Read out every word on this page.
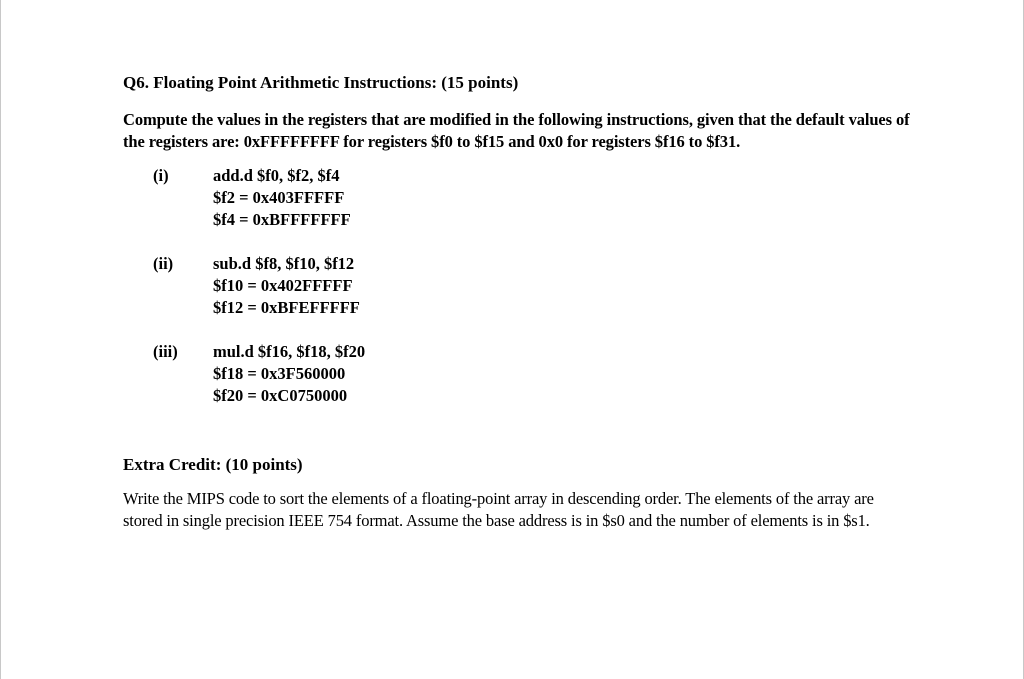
Q6. Floating Point Arithmetic Instructions: (15 points)
Compute the values in the registers that are modified in the following instructions, given that the default values of the registers are: 0xFFFFFFFF for registers $f0 to $f15 and 0x0 for registers $f16 to $f31.
(i)	add.d $f0, $f2, $f4
$f2 = 0x403FFFFF
$f4 = 0xBFFFFFFF
(ii) sub.d $f8, $f10, $f12
$f10 = 0x402FFFFF
$f12 = 0xBFEFFFFF
(iii) mul.d $f16, $f18, $f20
$f18 = 0x3F560000
$f20 = 0xC0750000
Extra Credit: (10 points)
Write the MIPS code to sort the elements of a floating-point array in descending order. The elements of the array are stored in single precision IEEE 754 format. Assume the base address is in $s0 and the number of elements is in $s1.
